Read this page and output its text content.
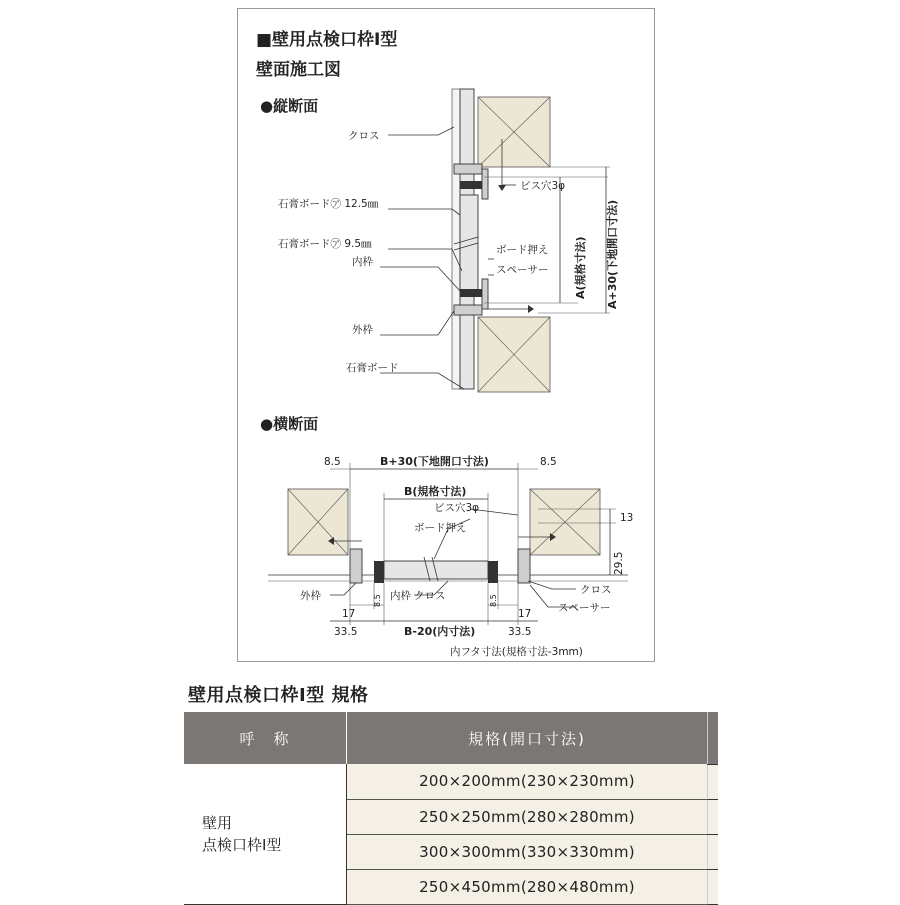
■壁用点検口枠Ⅰ型
壁面施工図
●縦断面
クロス
石膏ボード㋐ 12.5㎜
石膏ボード㋐ 9.5㎜
内枠
外枠
石膏ボード
ビス穴3φ
ボード押え
スペーサー A(規格寸法) A+30(下地開口寸法)
●横断面
8.5	8.5
B+30(下地開口寸法)
B(規格寸法)
ビス穴3φ
ボード押え
13
29.5
外枠	内枠 クロス	クロス
スペーサー
17	17
8.5	8.5
33.5	33.5
B-20(内寸法)
内フタ寸法(規格寸法-3mm)
壁用点検口枠Ⅰ型 規格
呼　称	規格(開口寸法)	

壁用
点検口枠Ⅰ型	200×200mm(230×230mm)	
	250×250mm(280×280mm)	
	300×300mm(330×330mm)	
	250×450mm(280×480mm)	
